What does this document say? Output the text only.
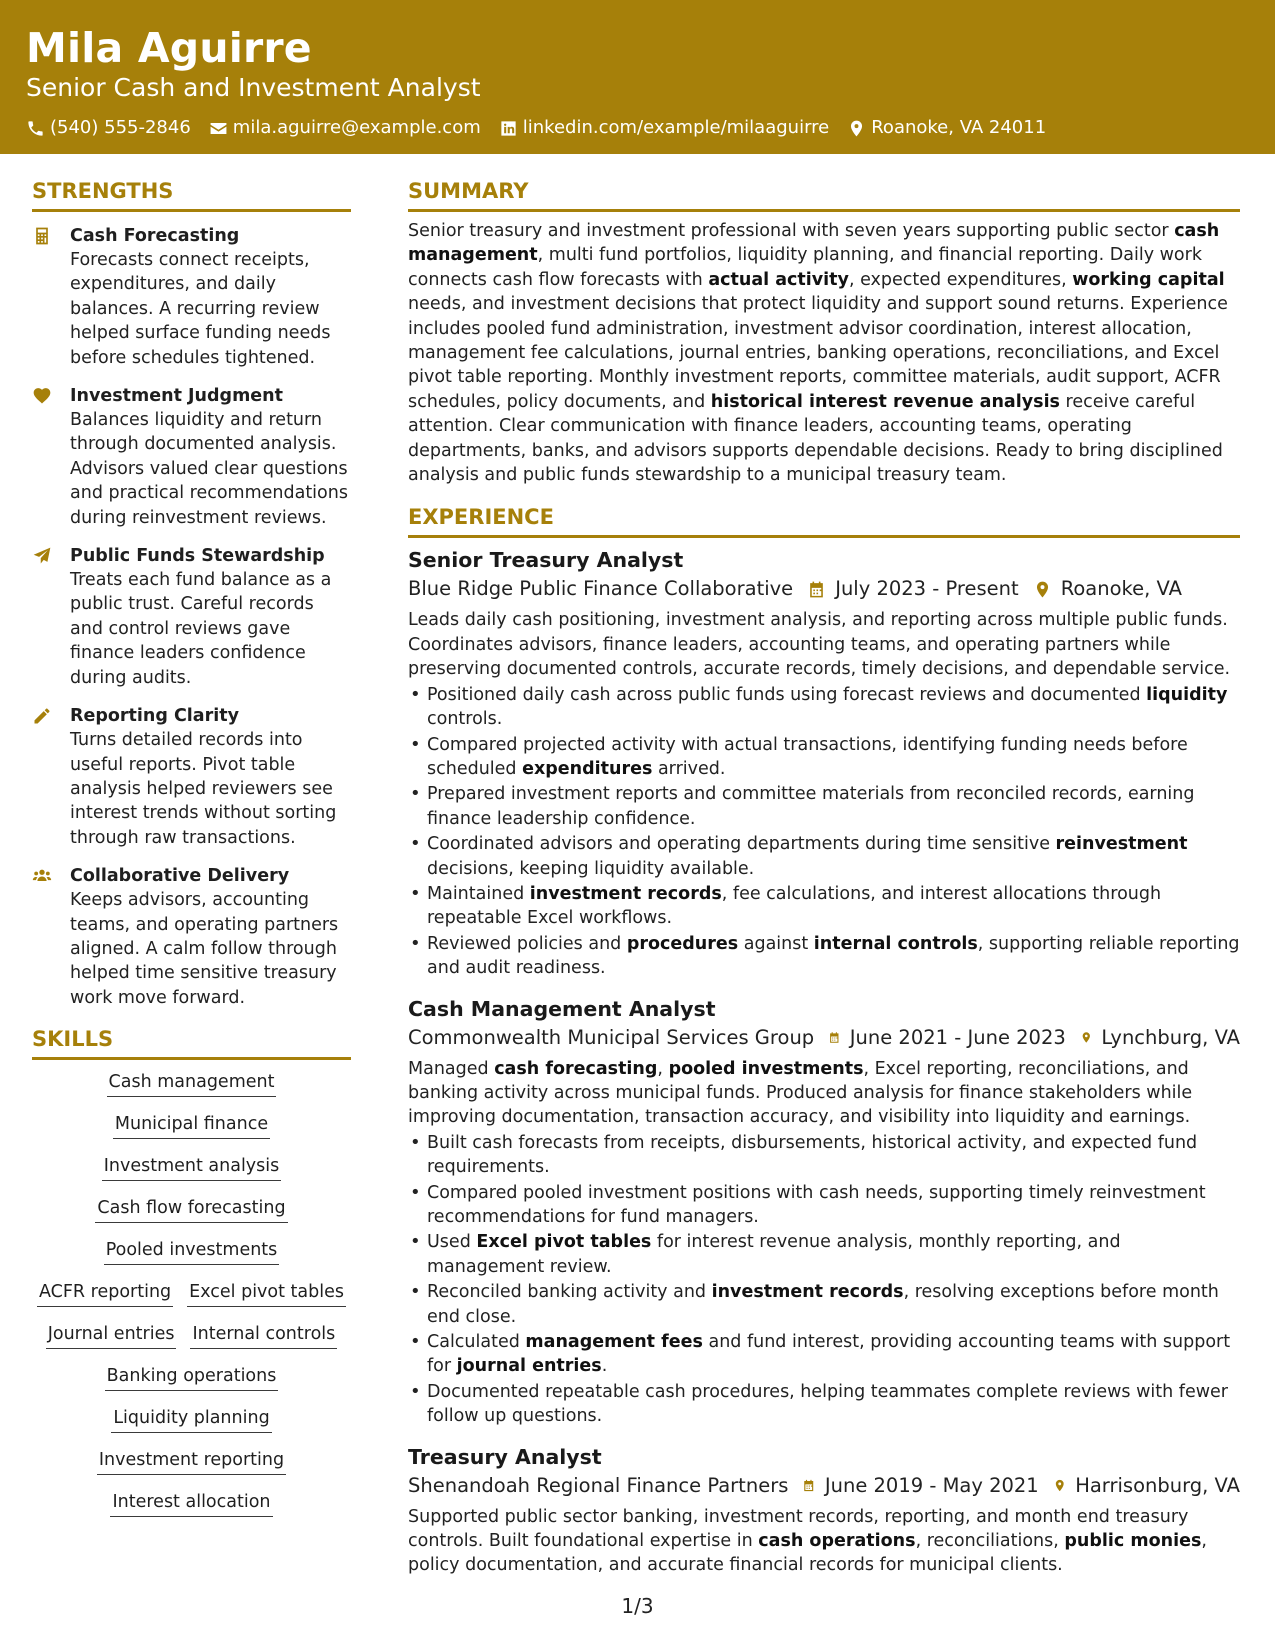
Mila Aguirre
Senior Cash and Investment Analyst
(540) 555-2846 mila.aguirre@example.com linkedin.com/example/milaaguirre Roanoke, VA 24011
STRENGTHS
Cash Forecasting
Forecasts connect receipts, expenditures, and daily balances. A recurring review helped surface funding needs before schedules tightened.
Investment Judgment
Balances liquidity and return through documented analysis. Advisors valued clear questions and practical recommendations during reinvestment reviews.
Public Funds Stewardship
Treats each fund balance as a public trust. Careful records and control reviews gave finance leaders confidence during audits.
Reporting Clarity
Turns detailed records into useful reports. Pivot table analysis helped reviewers see interest trends without sorting through raw transactions.
Collaborative Delivery
Keeps advisors, accounting teams, and operating partners aligned. A calm follow through helped time sensitive treasury work move forward.
SKILLS
Cash management
Municipal finance
Investment analysis
Cash flow forecasting
Pooled investments
ACFR reporting Excel pivot tables
Journal entries Internal controls
Banking operations
Liquidity planning
Investment reporting
Interest allocation
SUMMARY
Senior treasury and investment professional with seven years supporting public sector cash management, multi fund portfolios, liquidity planning, and financial reporting. Daily work connects cash flow forecasts with actual activity, expected expenditures, working capital needs, and investment decisions that protect liquidity and support sound returns. Experience includes pooled fund administration, investment advisor coordination, interest allocation, management fee calculations, journal entries, banking operations, reconciliations, and Excel pivot table reporting. Monthly investment reports, committee materials, audit support, ACFR schedules, policy documents, and historical interest revenue analysis receive careful attention. Clear communication with finance leaders, accounting teams, operating departments, banks, and advisors supports dependable decisions. Ready to bring disciplined analysis and public funds stewardship to a municipal treasury team.
EXPERIENCE
Senior Treasury Analyst
Blue Ridge Public Finance Collaborative July 2023 - Present Roanoke, VA
Leads daily cash positioning, investment analysis, and reporting across multiple public funds. Coordinates advisors, finance leaders, accounting teams, and operating partners while preserving documented controls, accurate records, timely decisions, and dependable service.
• Positioned daily cash across public funds using forecast reviews and documented liquidity controls.
• Compared projected activity with actual transactions, identifying funding needs before scheduled expenditures arrived.
• Prepared investment reports and committee materials from reconciled records, earning finance leadership confidence.
• Coordinated advisors and operating departments during time sensitive reinvestment decisions, keeping liquidity available.
• Maintained investment records, fee calculations, and interest allocations through repeatable Excel workflows.
• Reviewed policies and procedures against internal controls, supporting reliable reporting and audit readiness.
Cash Management Analyst
Commonwealth Municipal Services Group June 2021 - June 2023 Lynchburg, VA
Managed cash forecasting, pooled investments, Excel reporting, reconciliations, and banking activity across municipal funds. Produced analysis for finance stakeholders while improving documentation, transaction accuracy, and visibility into liquidity and earnings.
• Built cash forecasts from receipts, disbursements, historical activity, and expected fund requirements.
• Compared pooled investment positions with cash needs, supporting timely reinvestment recommendations for fund managers.
• Used Excel pivot tables for interest revenue analysis, monthly reporting, and management review.
• Reconciled banking activity and investment records, resolving exceptions before month end close.
• Calculated management fees and fund interest, providing accounting teams with support for journal entries.
• Documented repeatable cash procedures, helping teammates complete reviews with fewer follow up questions.
Treasury Analyst
Shenandoah Regional Finance Partners June 2019 - May 2021 Harrisonburg, VA
Supported public sector banking, investment records, reporting, and month end treasury controls. Built foundational expertise in cash operations, reconciliations, public monies, policy documentation, and accurate financial records for municipal clients.
1/3
